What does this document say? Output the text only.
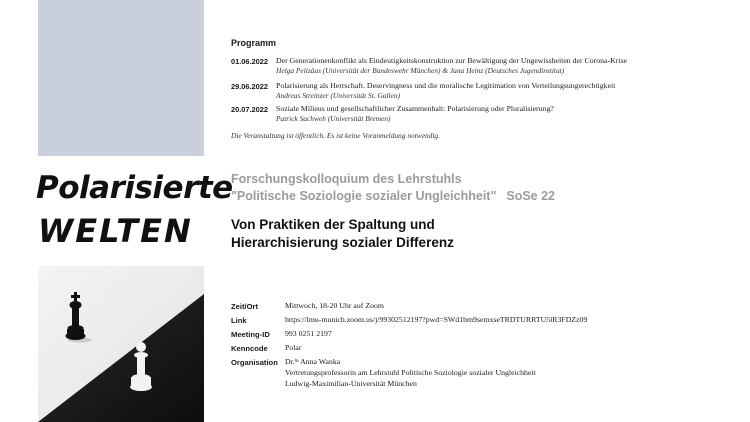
Polarisierte
WELTEN
Programm
01.06.2022 Der Generationenkonflikt als Eindeutigkeitskonstruktion zur Bewältigung der Ungewissheiten der Corona-Krise
Helga Pelizäus (Universität der Bundeswehr München) & Jana Heinz (Deutsches Jugendinstitut)
29.06.2022 Polarisierung als Herrschaft. Deservingness und die moralische Legitimation von Verteilungsungerechtigkeit
Andreas Streinzer (Universität St. Gallen)
20.07.2022 Soziale Milieus und gesellschaftlicher Zusammenhalt: Polarisierung oder Pluralisierung?
Patrick Sachweh (Universität Bremen)
Die Veranstaltung ist öffentlich. Es ist keine Voranmeldung notwendig.
Forschungskolloquium des Lehrstuhls
"Politische Soziologie sozialer Ungleichheit" SoSe 22
Von Praktiken der Spaltung und
Hierarchisierung sozialer Differenz
Zeit/Ort	Mittwoch, 18-20 Uhr auf Zoom
Link	https://lmu-munich.zoom.us/j/99302512197?pwd=SWd1bm9semxseTRDTURRTU5lR3FDZz09
Meeting-ID 993 0251 2197
Kenncode Polar
Organisation Dr.ⁱⁿ Anna Wanka
Vertretungsprofessorin am Lehrstuhl Politische Soziologie sozialer Ungleichheit
Ludwig-Maximilian-Universität München
